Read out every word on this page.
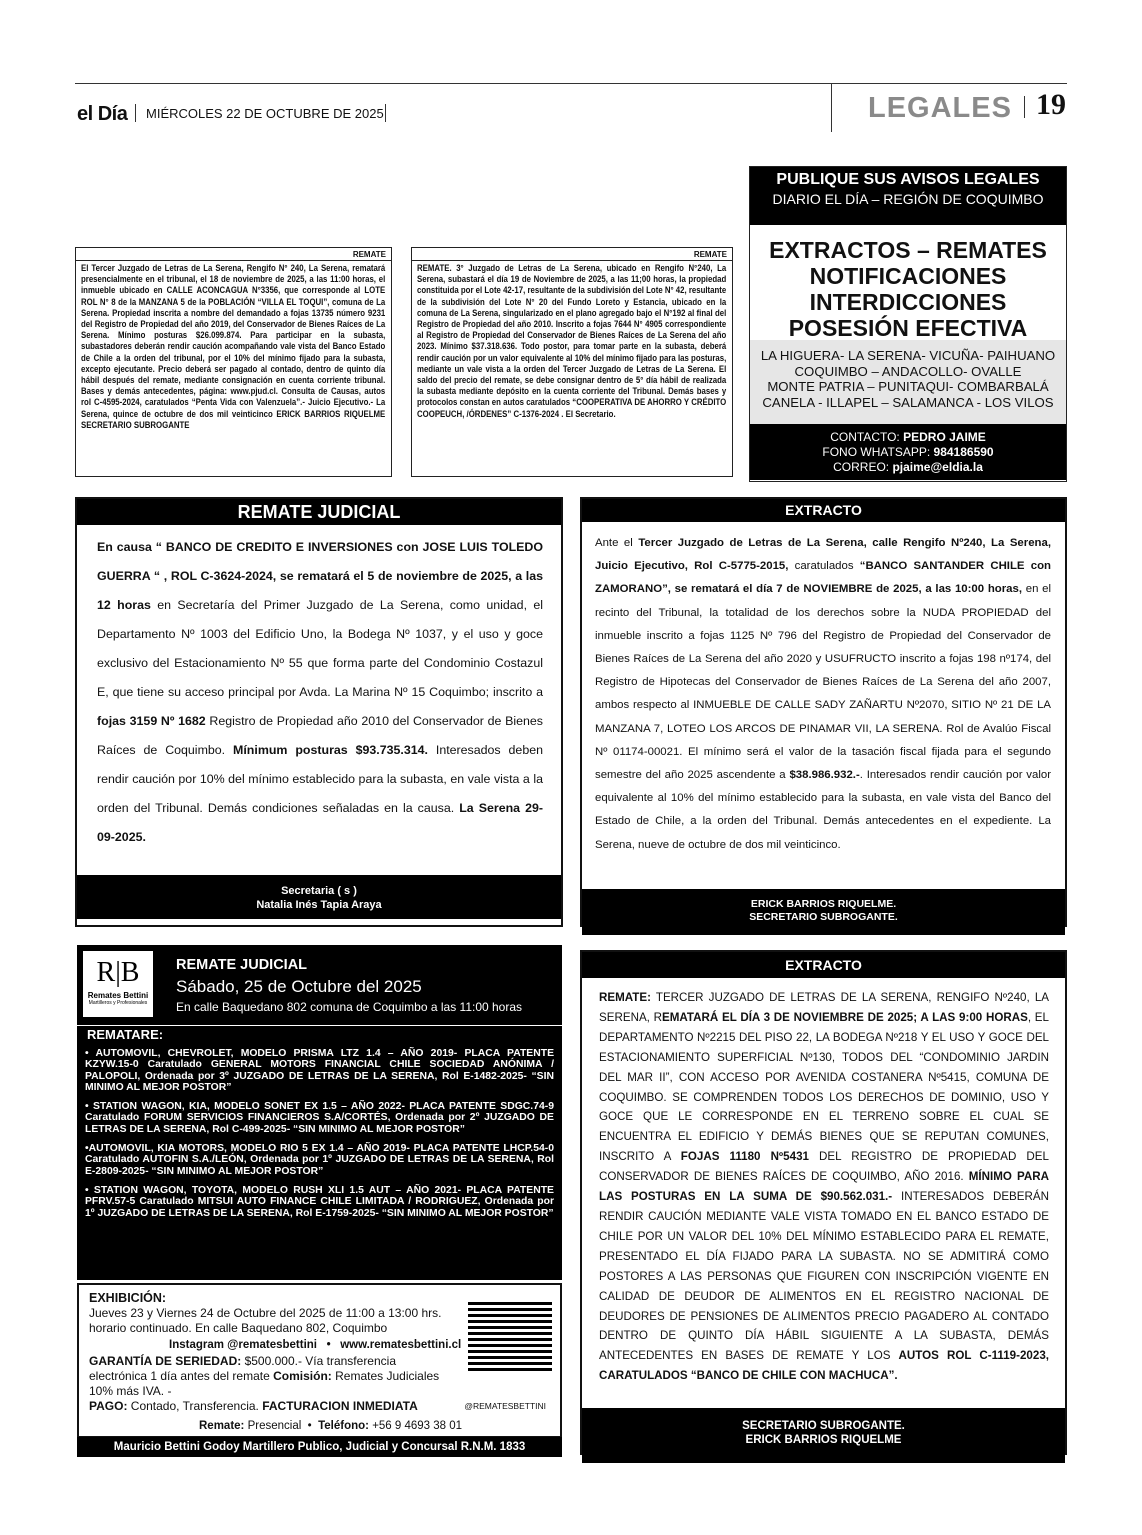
el Día MIÉRCOLES 22 DE OCTUBRE DE 2025	LEGALES 19
REMATE
El Tercer Juzgado de Letras de La Serena, Rengifo N° 240, La Serena, rematará presencialmente en el tribunal, el 18 de noviembre de 2025, a las 11:00 horas, el inmueble ubicado en CALLE ACONCAGUA N°3356, que corresponde al LOTE ROL N° 8 de la MANZANA 5 de la POBLACIÓN “VILLA EL TOQUI”, comuna de La Serena. Propiedad inscrita a nombre del demandado a fojas 13735 número 9231 del Registro de Propiedad del año 2019, del Conservador de Bienes Raíces de La Serena. Mínimo posturas $26.099.874. Para participar en la subasta, subastadores deberán rendir caución acompañando vale vista del Banco Estado de Chile a la orden del tribunal, por el 10% del mínimo fijado para la subasta, excepto ejecutante. Precio deberá ser pagado al contado, dentro de quinto día hábil después del remate, mediante consignación en cuenta corriente tribunal. Bases y demás antecedentes, página: www.pjud.cl. Consulta de Causas, autos rol C-4595-2024, caratulados “Penta Vida con Valenzuela”.- Juicio Ejecutivo.- La Serena, quince de octubre de dos mil veinticinco ERICK BARRIOS RIQUELME SECRETARIO SUBROGANTE
REMATE
REMATE. 3° Juzgado de Letras de La Serena, ubicado en Rengifo N°240, La Serena, subastará el día 19 de Noviembre de 2025, a las 11;00 horas, la propiedad constituida por el Lote 42-17, resultante de la subdivisión del Lote N° 42, resultante de la subdivisión del Lote N° 20 del Fundo Loreto y Estancia, ubicado en la comuna de La Serena, singularizado en el plano agregado bajo el N°192 al final del Registro de Propiedad del año 2010. Inscrito a fojas 7644 N° 4905 correspondiente al Registro de Propiedad del Conservador de Bienes Raíces de La Serena del año 2023. Mínimo $37.318.636. Todo postor, para tomar parte en la subasta, deberá rendir caución por un valor equivalente al 10% del mínimo fijado para las posturas, mediante un vale vista a la orden del Tercer Juzgado de Letras de La Serena. El saldo del precio del remate, se debe consignar dentro de 5° día hábil de realizada la subasta mediante depósito en la cuenta corriente del Tribunal. Demás bases y protocolos constan en autos caratulados “COOPERATIVA DE AHORRO Y CRÉDITO COOPEUCH, /ÓRDENES” C-1376-2024 . El Secretario.
PUBLIQUE SUS AVISOS LEGALES
DIARIO EL DÍA – REGIÓN DE COQUIMBO
EXTRACTOS – REMATES
NOTIFICACIONES
INTERDICCIONES
POSESIÓN EFECTIVA
LA HIGUERA- LA SERENA- VICUÑA- PAIHUANO
COQUIMBO – ANDACOLLO- OVALLE
MONTE PATRIA – PUNITAQUI- COMBARBALÁ
CANELA - ILLAPEL – SALAMANCA - LOS VILOS
CONTACTO: PEDRO JAIME
FONO WHATSAPP: 984186590
CORREO: pjaime@eldia.la
REMATE JUDICIAL
En causa “ BANCO DE CREDITO E INVERSIONES con JOSE LUIS TOLEDO GUERRA “ , ROL C-3624-2024, se rematará el 5 de noviembre de 2025, a las 12 horas en Secretaría del Primer Juzgado de La Serena, como unidad, el Departamento Nº 1003 del Edificio Uno, la Bodega Nº 1037, y el uso y goce exclusivo del Estacionamiento Nº 55 que forma parte del Condominio Costazul E, que tiene su acceso principal por Avda. La Marina Nº 15 Coquimbo; inscrito a fojas 3159 Nº 1682 Registro de Propiedad año 2010 del Conservador de Bienes Raíces de Coquimbo. Mínimum posturas $93.735.314. Interesados deben rendir caución por 10% del mínimo establecido para la subasta, en vale vista a la orden del Tribunal. Demás condiciones señaladas en la causa. La Serena 29-09-2025.
Secretaria ( s )
Natalia Inés Tapia Araya
EXTRACTO
Ante el Tercer Juzgado de Letras de La Serena, calle Rengifo Nº240, La Serena, Juicio Ejecutivo, Rol C-5775-2015, caratulados “BANCO SANTANDER CHILE con ZAMORANO”, se rematará el día 7 de NOVIEMBRE de 2025, a las 10:00 horas, en el recinto del Tribunal, la totalidad de los derechos sobre la NUDA PROPIEDAD del inmueble inscrito a fojas 1125 Nº 796 del Registro de Propiedad del Conservador de Bienes Raíces de La Serena del año 2020 y USUFRUCTO inscrito a fojas 198 nº174, del Registro de Hipotecas del Conservador de Bienes Raíces de La Serena del año 2007, ambos respecto al INMUEBLE DE CALLE SADY ZAÑARTU Nº2070, SITIO Nº 21 DE LA MANZANA 7, LOTEO LOS ARCOS DE PINAMAR VII, LA SERENA. Rol de Avalúo Fiscal Nº 01174-00021. El mínimo será el valor de la tasación fiscal fijada para el segundo semestre del año 2025 ascendente a $38.986.932.-. Interesados rendir caución por valor equivalente al 10% del mínimo establecido para la subasta, en vale vista del Banco del Estado de Chile, a la orden del Tribunal. Demás antecedentes en el expediente. La Serena, nueve de octubre de dos mil veinticinco.
ERICK BARRIOS RIQUELME.
SECRETARIO SUBROGANTE.
R|B
Remates Bettini
Martilleros y Profesionales
REMATE JUDICIAL
Sábado, 25 de Octubre del 2025
En calle Baquedano 802 comuna de Coquimbo a las 11:00 horas
REMATARE:
• AUTOMOVIL, CHEVROLET, MODELO PRISMA LTZ 1.4 – AÑO 2019- PLACA PATENTE KZYW.15-0 Caratulado GENERAL MOTORS FINANCIAL CHILE SOCIEDAD ANÓNIMA / PALOPOLI, Ordenada por 3º JUZGADO DE LETRAS DE LA SERENA, Rol E-1482-2025- “SIN MINIMO AL MEJOR POSTOR”
• STATION WAGON, KIA, MODELO SONET EX 1.5 – AÑO 2022- PLACA PATENTE SDGC.74-9 Caratulado FORUM SERVICIOS FINANCIEROS S.A/CORTÉS, Ordenada por 2º JUZGADO DE LETRAS DE LA SERENA, Rol C-499-2025- “SIN MINIMO AL MEJOR POSTOR”
•AUTOMOVIL, KIA MOTORS, MODELO RIO 5 EX 1.4 – AÑO 2019- PLACA PATENTE LHCP.54-0 Caratulado AUTOFIN S.A./LEÓN, Ordenada por 1º JUZGADO DE LETRAS DE LA SERENA, Rol E-2809-2025- “SIN MINIMO AL MEJOR POSTOR”
• STATION WAGON, TOYOTA, MODELO RUSH XLI 1.5 AUT – AÑO 2021- PLACA PATENTE PFRV.57-5 Caratulado MITSUI AUTO FINANCE CHILE LIMITADA / RODRIGUEZ, Ordenada por 1º JUZGADO DE LETRAS DE LA SERENA, Rol E-1759-2025- “SIN MINIMO AL MEJOR POSTOR”
EXHIBICIÓN:
Jueves 23 y Viernes 24 de Octubre del 2025 de 11:00 a 13:00 hrs. horario continuado. En calle Baquedano 802, Coquimbo
Instagram @rematesbettini   •   www.rematesbettini.cl
GARANTÍA DE SERIEDAD: $500.000.- Vía transferencia electrónica 1 día antes del remate Comisión: Remates Judiciales 10% más IVA. -
PAGO: Contado, Transferencia. FACTURACION INMEDIATA
Remate: Presencial  •  Teléfono: +56 9 4693 38 01
@REMATESBETTINI
Mauricio Bettini Godoy Martillero Publico, Judicial y Concursal R.N.M. 1833
EXTRACTO
REMATE: TERCER JUZGADO DE LETRAS DE LA SERENA, RENGIFO Nº240, LA SERENA, REMATARÁ EL DÍA 3 DE NOVIEMBRE DE 2025; A LAS 9:00 HORAS, EL DEPARTAMENTO Nº2215 DEL PISO 22, LA BODEGA Nº218 Y EL USO Y GOCE DEL ESTACIONAMIENTO SUPERFICIAL Nº130, TODOS DEL “CONDOMINIO JARDIN DEL MAR II”, CON ACCESO POR AVENIDA COSTANERA Nº5415, COMUNA DE COQUIMBO. SE COMPRENDEN TODOS LOS DERECHOS DE DOMINIO, USO Y GOCE QUE LE CORRESPONDE EN EL TERRENO SOBRE EL CUAL SE ENCUENTRA EL EDIFICIO Y DEMÁS BIENES QUE SE REPUTAN COMUNES, INSCRITO A FOJAS 11180 Nº5431 DEL REGISTRO DE PROPIEDAD DEL CONSERVADOR DE BIENES RAÍCES DE COQUIMBO, AÑO 2016. MÍNIMO PARA LAS POSTURAS EN LA SUMA DE $90.562.031.- INTERESADOS DEBERÁN RENDIR CAUCIÓN MEDIANTE VALE VISTA TOMADO EN EL BANCO ESTADO DE CHILE POR UN VALOR DEL 10% DEL MÍNIMO ESTABLECIDO PARA EL REMATE, PRESENTADO EL DÍA FIJADO PARA LA SUBASTA. NO SE ADMITIRÁ COMO POSTORES A LAS PERSONAS QUE FIGUREN CON INSCRIPCIÓN VIGENTE EN CALIDAD DE DEUDOR DE ALIMENTOS EN EL REGISTRO NACIONAL DE DEUDORES DE PENSIONES DE ALIMENTOS PRECIO PAGADERO AL CONTADO DENTRO DE QUINTO DÍA HÁBIL SIGUIENTE A LA SUBASTA, DEMÁS ANTECEDENTES EN BASES DE REMATE Y LOS AUTOS ROL C-1119-2023, CARATULADOS “BANCO DE CHILE CON MACHUCA”.
SECRETARIO SUBROGANTE.
ERICK BARRIOS RIQUELME
